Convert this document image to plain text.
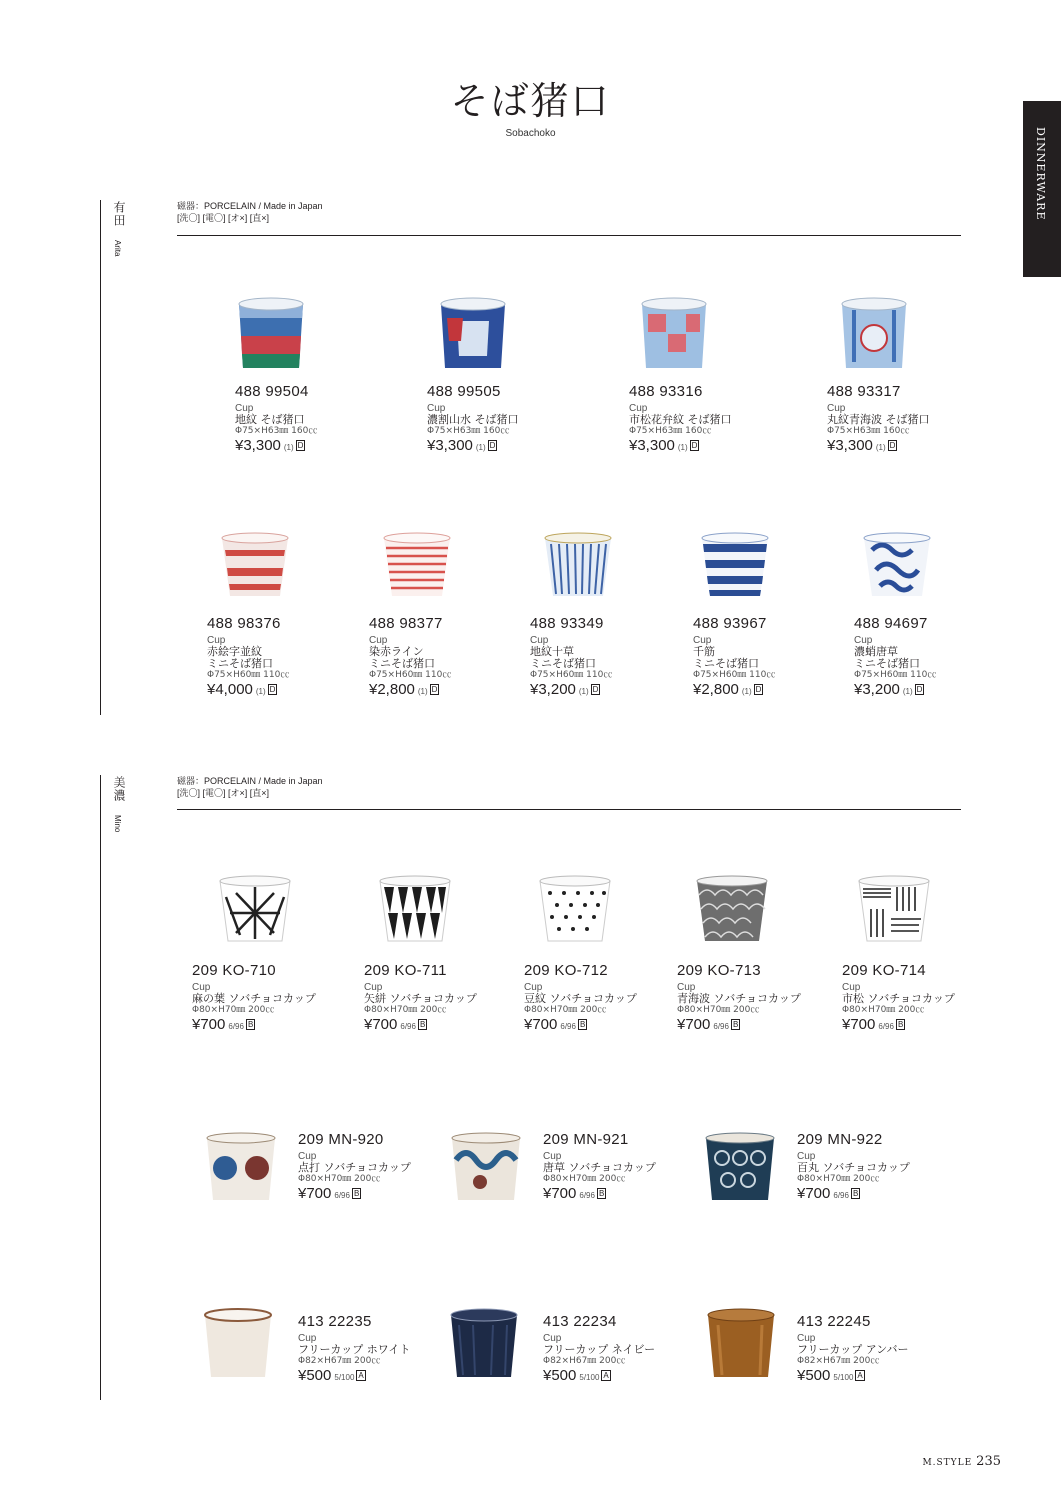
そば猪口
Sobachoko	DINNERWARE
有田
Arita
磁器：PORCELAIN / Made in Japan
[洗〇] [電〇] [オ×] [直×]
美濃
Mino
磁器：PORCELAIN / Made in Japan
[洗〇] [電〇] [オ×] [直×]
488 99504
Cup
地紋 そば猪口
Φ75×H63㎜ 160㏄
¥3,300 (1) D
488 99505
Cup
濃割山水 そば猪口
Φ75×H63㎜ 160㏄
¥3,300 (1) D
488 93316
Cup
市松花弁紋 そば猪口
Φ75×H63㎜ 160㏄
¥3,300 (1) D
488 93317
Cup
丸紋青海波 そば猪口
Φ75×H63㎜ 160㏄
¥3,300 (1) D
488 98376
Cup
赤絵字並紋
ミニそば猪口
Φ75×H60㎜ 110㏄
¥4,000 (1) D
488 98377
Cup
染赤ライン
ミニそば猪口
Φ75×H60㎜ 110㏄
¥2,800 (1) D
488 93349
Cup
地紋十草
ミニそば猪口
Φ75×H60㎜ 110㏄
¥3,200 (1) D
488 93967
Cup
千筋
ミニそば猪口
Φ75×H60㎜ 110㏄
¥2,800 (1) D
488 94697
Cup
濃蛸唐草
ミニそば猪口
Φ75×H60㎜ 110㏄
¥3,200 (1) D
209 KO-710
Cup
麻の葉 ソバチョコカップ
Φ80×H70㎜ 200㏄
¥700 6/96 B
209 KO-711
Cup
矢絣 ソバチョコカップ
Φ80×H70㎜ 200㏄
¥700 6/96 B
209 KO-712
Cup
豆紋 ソバチョコカップ
Φ80×H70㎜ 200㏄
¥700 6/96 B
209 KO-713
Cup
青海波 ソバチョコカップ
Φ80×H70㎜ 200㏄
¥700 6/96 B
209 KO-714
Cup
市松 ソバチョコカップ
Φ80×H70㎜ 200㏄
¥700 6/96 B
209 MN-920
Cup
点打 ソバチョコカップ
Φ80×H70㎜ 200㏄
¥700 6/96 B
209 MN-921
Cup
唐草 ソバチョコカップ
Φ80×H70㎜ 200㏄
¥700 6/96 B
209 MN-922
Cup
百丸 ソバチョコカップ
Φ80×H70㎜ 200㏄
¥700 6/96 B
413 22235
Cup
フリーカップ ホワイト
Φ82×H67㎜ 200㏄
¥500 5/100 A
413 22234
Cup
フリーカップ ネイビー
Φ82×H67㎜ 200㏄
¥500 5/100 A
413 22245
Cup
フリーカップ アンバー
Φ82×H67㎜ 200㏄
¥500 5/100 A
M.STYLE 235
